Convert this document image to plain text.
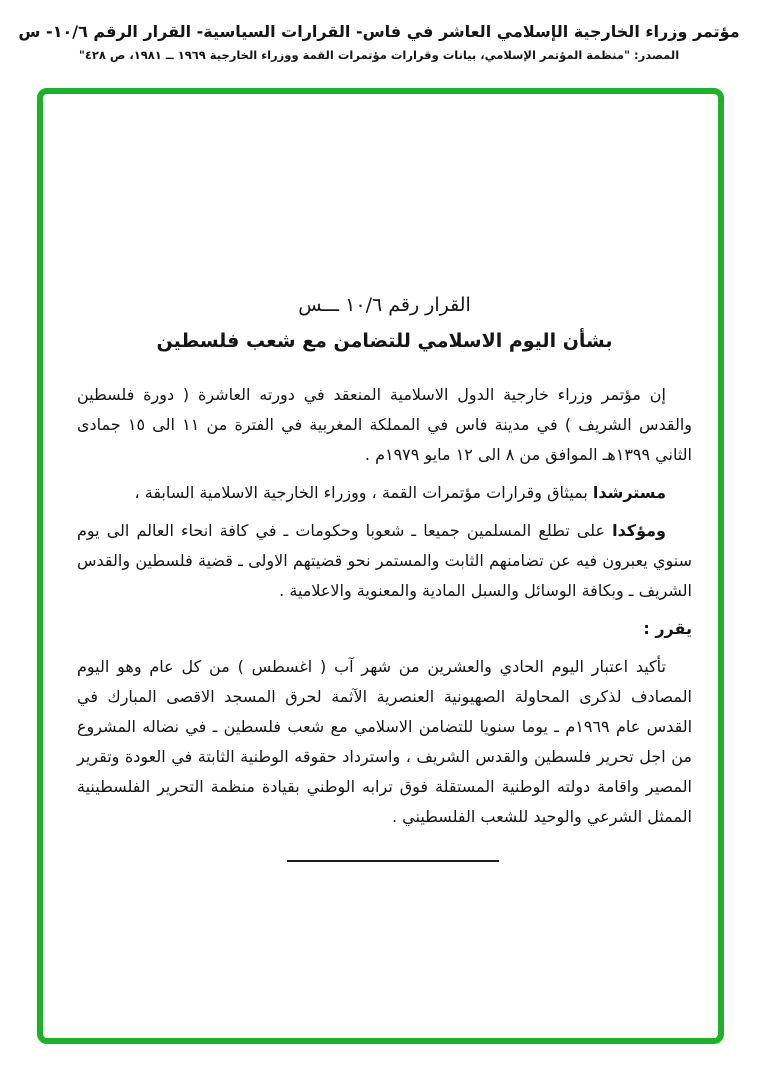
مؤتمر وزراء الخارجية الإسلامي العاشر في فاس- القرارات السياسية- القرار الرقم ١٠/٦- س
المصدر: "منظمة المؤتمر الإسلامي، بيانات وقرارات مؤتمرات القمة ووزراء الخارجية ١٩٦٩ ــ ١٩٨١، ص ٤٢٨"
القرار رقم ١٠/٦ ـــس
بشأن اليوم الاسلامي للتضامن مع شعب فلسطين

إن مؤتمر وزراء خارجية الدول الاسلامية المنعقد في دورته العاشرة ( دورة فلسطين والقدس الشريف ) في مدينة فاس في المملكة المغربية في الفترة من ١١ الى ١٥ جمادى الثاني ١٣٩٩هـ الموافق من ٨ الى ١٢ مايو ١٩٧٩م .

مسترشدا بميثاق وقرارات مؤتمرات القمة ، ووزراء الخارجية الاسلامية السابقة ،

ومؤكدا على تطلع المسلمين جميعا ـ شعوبا وحكومات ـ في كافة انحاء العالم الى يوم سنوي يعبرون فيه عن تضامنهم الثابت والمستمر نحو قضيتهم الاولى ـ قضية فلسطين والقدس الشريف ـ وبكافة الوسائل والسبل المادية والمعنوية والاعلامية .

يقرر :

تأكيد اعتبار اليوم الحادي والعشرين من شهر آب ( اغسطس ) من كل عام وهو اليوم المصادف لذكرى المحاولة الصهيونية العنصرية الآثمة لحرق المسجد الاقصى المبارك في القدس عام ١٩٦٩م ـ يوما سنويا للتضامن الاسلامي مع شعب فلسطين ـ في نضاله المشروع من اجل تحرير فلسطين والقدس الشريف ، واسترداد حقوقه الوطنية الثابتة في العودة وتقرير المصير واقامة دولته الوطنية المستقلة فوق ترابه الوطني بقيادة منظمة التحرير الفلسطينية الممثل الشرعي والوحيد للشعب الفلسطيني .
